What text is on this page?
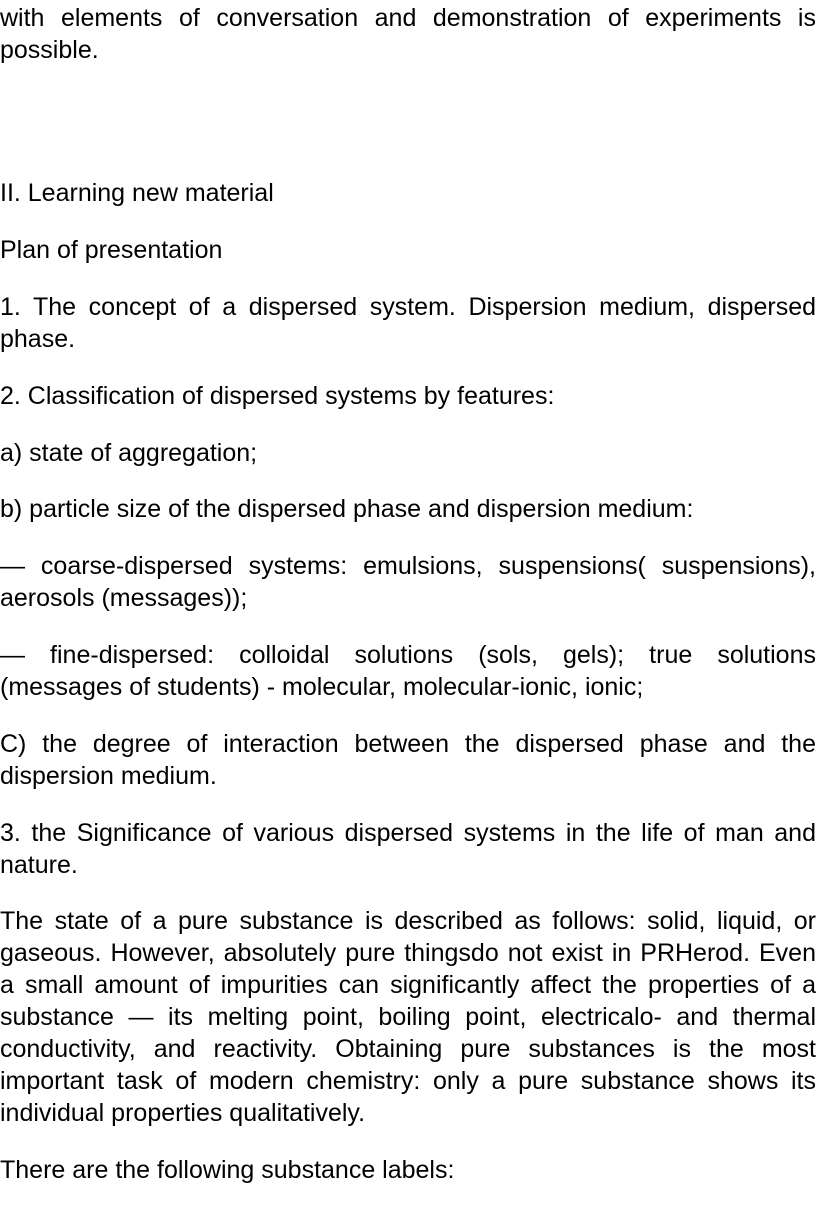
with elements of conversation and demonstration of experiments is possible.

II. Learning new material

Plan of presentation

1. The concept of a dispersed system. Dispersion medium, dispersed phase.

2. Classification of dispersed systems by features:

a) state of aggregation;

b) particle size of the dispersed phase and dispersion medium:

— coarse-dispersed systems: emulsions, suspensions( suspensions), aerosols (messages));

— fine-dispersed: colloidal solutions (sols, gels); true solutions (messages of students) - molecular, molecular-ionic, ionic;

C) the degree of interaction between the dispersed phase and the dispersion medium.

3. the Significance of various dispersed systems in the life of man and nature.

The state of a pure substance is described as follows: solid, liquid, or gaseous. However, absolutely pure thingsdo not exist in PRHerod. Even a small amount of impurities can significantly affect the properties of a substance — its melting point, boiling point, electricalo- and thermal conductivity, and reactivity. Obtaining pure substances is the most important task of modern chemistry: only a pure substance shows its individual properties qualitatively.

There are the following substance labels:
